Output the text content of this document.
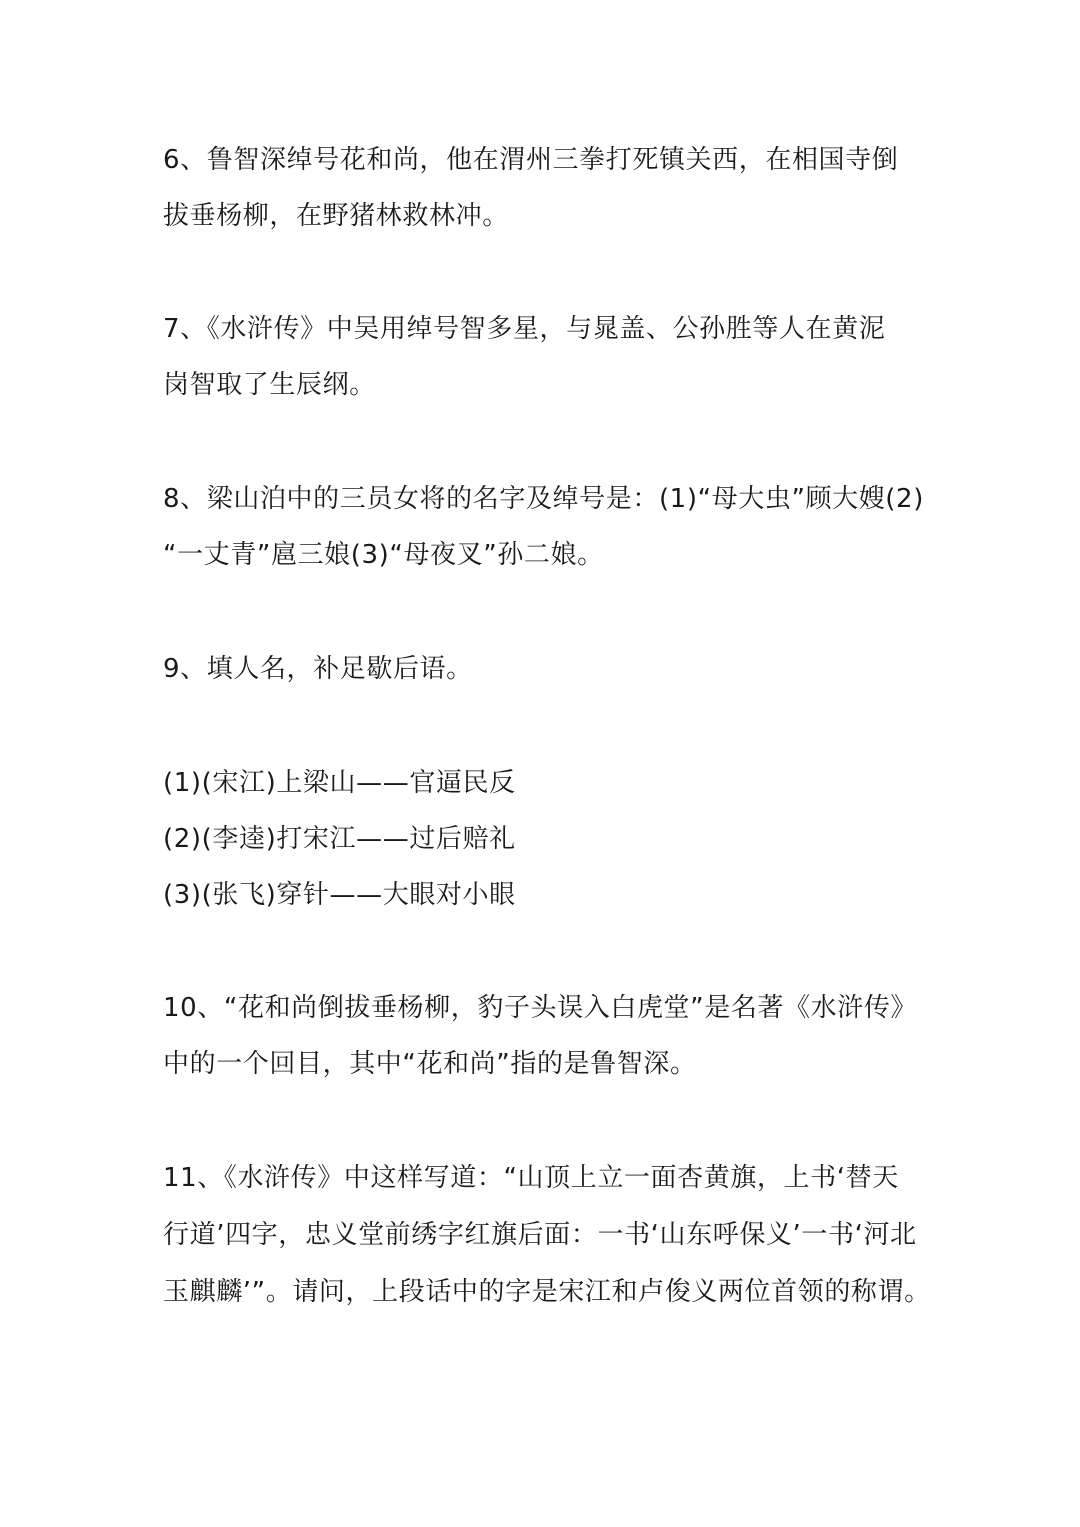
6、鲁智深绰号花和尚，他在渭州三拳打死镇关西，在相国寺倒
拔垂杨柳，在野猪林救林冲。
7、《水浒传》中吴用绰号智多星，与晁盖、公孙胜等人在黄泥
岗智取了生辰纲。
8、梁山泊中的三员女将的名字及绰号是：(1)“母大虫”顾大嫂(2)
“一丈青”扈三娘(3)“母夜叉”孙二娘。
9、填人名，补足歇后语。
(1)(宋江)上梁山——官逼民反
(2)(李逵)打宋江——过后赔礼
(3)(张飞)穿针——大眼对小眼
10、“花和尚倒拔垂杨柳，豹子头误入白虎堂”是名著《水浒传》
中的一个回目，其中“花和尚”指的是鲁智深。
11、《水浒传》中这样写道：“山顶上立一面杏黄旗，上书‘替天
行道’四字，忠义堂前绣字红旗后面：一书‘山东呼保义’一书‘河北
玉麒麟’”。请问，上段话中的字是宋江和卢俊义两位首领的称谓。
